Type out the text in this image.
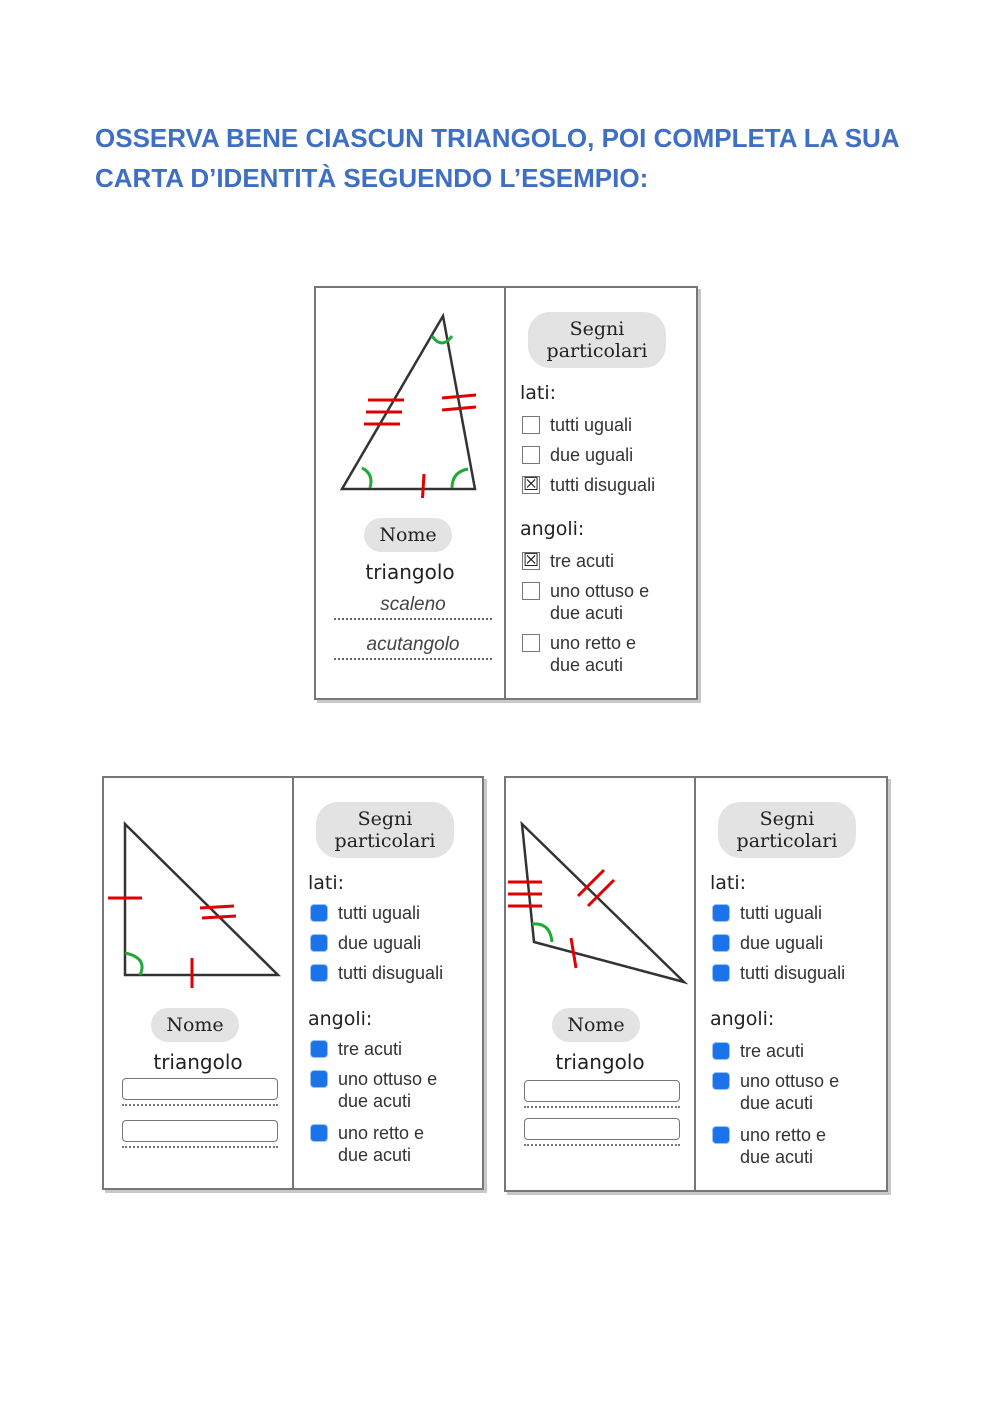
OSSERVA BENE CIASCUN TRIANGOLO, POI COMPLETA LA SUA
CARTA D’IDENTITÀ SEGUENDO L’ESEMPIO:
Nome
triangolo
scaleno
acutangolo
Segni
particolari
lati:
tutti uguali
due uguali
☒ tutti disuguali
angoli:
☒ tre acuti
uno ottuso e
due acuti
uno retto e
due acuti
Nome
triangolo
Segni
particolari
lati:
tutti uguali
due uguali
tutti disuguali
angoli:
tre acuti
uno ottuso e
due acuti
uno retto e
due acuti
Nome
triangolo
Segni
particolari
lati:
tutti uguali
due uguali
tutti disuguali
angoli:
tre acuti
uno ottuso e
due acuti
uno retto e
due acuti
